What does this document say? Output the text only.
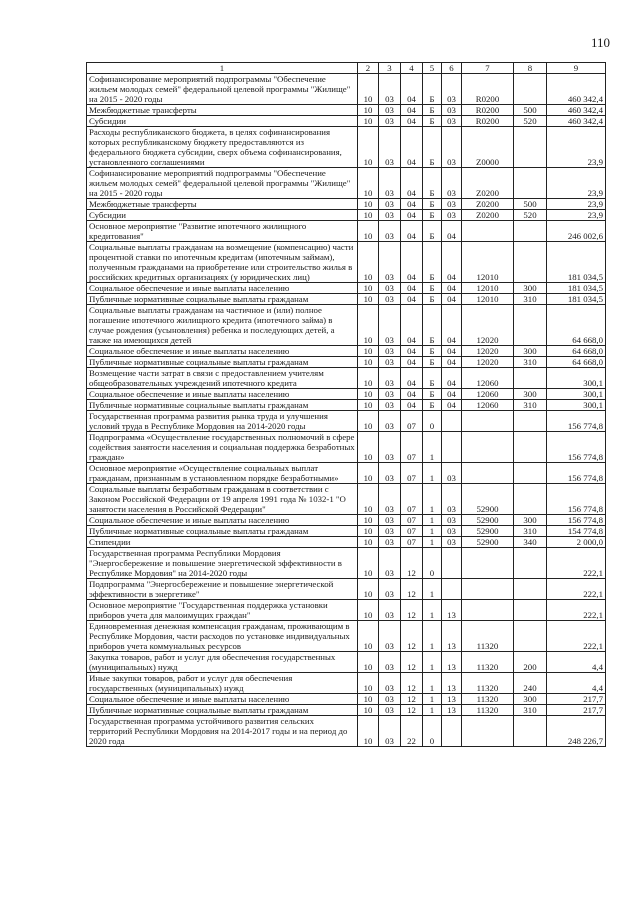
110
1	2	3	4	5	6	7	8	9
Софинансирование мероприятий подпрограммы "Обеспечение жильем молодых семей" федеральной целевой программы "Жилище" на 2015 - 2020 годы	10	03	04	Б	03	R0200		460 342,4
Межбюджетные трансферты	10	03	04	Б	03	R0200	500	460 342,4
Субсидии	10	03	04	Б	03	R0200	520	460 342,4
Расходы республиканского бюджета, в целях софинансирования которых республиканскому бюджету предоставляются из федерального бюджета субсидии, сверх объема софинансирования, установленного соглашениями	10	03	04	Б	03	Z0000		23,9
Софинансирование мероприятий подпрограммы "Обеспечение жильем молодых семей" федеральной целевой программы "Жилище" на 2015 - 2020 годы	10	03	04	Б	03	Z0200		23,9
Межбюджетные трансферты	10	03	04	Б	03	Z0200	500	23,9
Субсидии	10	03	04	Б	03	Z0200	520	23,9
Основное мероприятие "Развитие ипотечного жилищного кредитования"	10	03	04	Б	04			246 002,6
Социальные выплаты гражданам на возмещение (компенсацию) части процентной ставки по ипотечным кредитам (ипотечным займам), полученным гражданами на приобретение или строительство жилья в российских кредитных организациях (у юридических лиц)	10	03	04	Б	04	12010		181 034,5
Социальное обеспечение и иные выплаты населению	10	03	04	Б	04	12010	300	181 034,5
Публичные нормативные социальные выплаты гражданам	10	03	04	Б	04	12010	310	181 034,5
Социальные выплаты гражданам на частичное и (или) полное погашение ипотечного жилищного кредита (ипотечного займа) в случае рождения (усыновления) ребенка и последующих детей, а также на имеющихся детей	10	03	04	Б	04	12020		64 668,0
Социальное обеспечение и иные выплаты населению	10	03	04	Б	04	12020	300	64 668,0
Публичные нормативные социальные выплаты гражданам	10	03	04	Б	04	12020	310	64 668,0
Возмещение части затрат в связи с предоставлением учителям общеобразовательных учреждений ипотечного кредита	10	03	04	Б	04	12060		300,1
Социальное обеспечение и иные выплаты населению	10	03	04	Б	04	12060	300	300,1
Публичные нормативные социальные выплаты гражданам	10	03	04	Б	04	12060	310	300,1
Государственная программа развития рынка труда и улучшения условий труда в Республике Мордовия на 2014-2020 годы	10	03	07	0				156 774,8
Подпрограмма «Осуществление государственных полномочий в сфере содействия занятости населения и социальная поддержка безработных граждан»	10	03	07	1				156 774,8
Основное мероприятие «Осуществление социальных выплат гражданам, признанным в установленном порядке безработными»	10	03	07	1	03			156 774,8
Социальные выплаты безработным гражданам в соответствии с Законом Российской Федерации от 19 апреля 1991 года № 1032-1 "О занятости населения в Российской Федерации"	10	03	07	1	03	52900		156 774,8
Социальное обеспечение и иные выплаты населению	10	03	07	1	03	52900	300	156 774,8
Публичные нормативные социальные выплаты гражданам	10	03	07	1	03	52900	310	154 774,8
Стипендии	10	03	07	1	03	52900	340	2 000,0
Государственная программа Республики Мордовия "Энергосбережение и повышение энергетической эффективности в Республике Мордовия" на 2014-2020 годы	10	03	12	0				222,1
Подпрограмма "Энергосбережение и повышение энергетической эффективности в энергетике"	10	03	12	1				222,1
Основное мероприятие "Государственная поддержка установки приборов учета для малоимущих граждан"	10	03	12	1	13			222,1
Единовременная денежная компенсация гражданам, проживающим в Республике Мордовия, части расходов по установке индивидуальных приборов учета коммунальных ресурсов	10	03	12	1	13	11320		222,1
Закупка товаров, работ и услуг для обеспечения государственных (муниципальных) нужд	10	03	12	1	13	11320	200	4,4
Иные закупки товаров, работ и услуг для обеспечения государственных (муниципальных) нужд	10	03	12	1	13	11320	240	4,4
Социальное обеспечение и иные выплаты населению	10	03	12	1	13	11320	300	217,7
Публичные нормативные социальные выплаты гражданам	10	03	12	1	13	11320	310	217,7
Государственная программа устойчивого развития сельских территорий Республики Мордовия на 2014-2017 годы и на период до 2020 года	10	03	22	0				248 226,7
